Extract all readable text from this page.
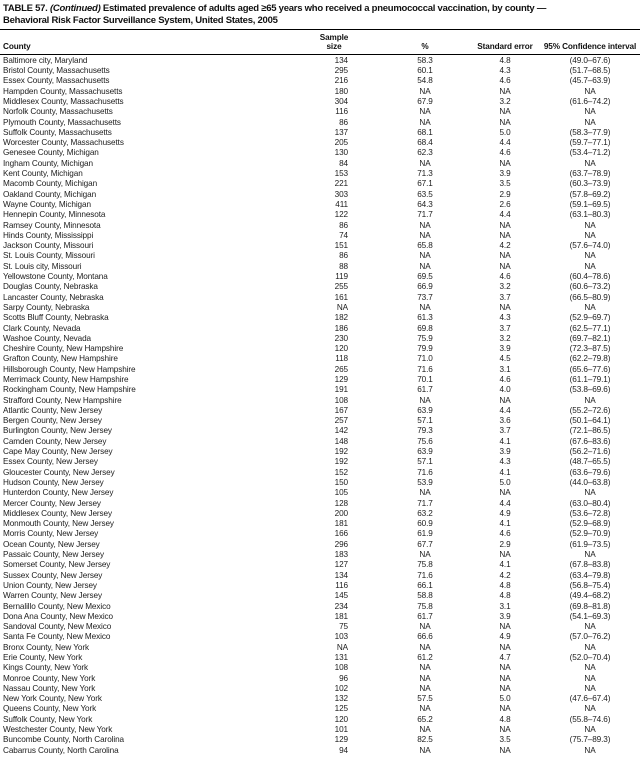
TABLE 57. (Continued) Estimated prevalence of adults aged ≥65 years who received a pneumococcal vaccination, by county —
Behavioral Risk Factor Surveillance System, United States, 2005
County	Sample size	%	Standard error	95% Confidence interval
Baltimore city, Maryland	134	58.3	4.8	(49.0–67.6)
Bristol County, Massachusetts	295	60.1	4.3	(51.7–68.5)
Essex County, Massachusetts	216	54.8	4.6	(45.7–63.9)
Hampden County, Massachusetts	180	NA	NA	NA
Middlesex County, Massachusetts	304	67.9	3.2	(61.6–74.2)
Norfolk County, Massachusetts	116	NA	NA	NA
Plymouth County, Massachusetts	86	NA	NA	NA
Suffolk County, Massachusetts	137	68.1	5.0	(58.3–77.9)
Worcester County, Massachusetts	205	68.4	4.4	(59.7–77.1)
Genesee County, Michigan	130	62.3	4.6	(53.4–71.2)
Ingham County, Michigan	84	NA	NA	NA
Kent County, Michigan	153	71.3	3.9	(63.7–78.9)
Macomb County, Michigan	221	67.1	3.5	(60.3–73.9)
Oakland County, Michigan	303	63.5	2.9	(57.8–69.2)
Wayne County, Michigan	411	64.3	2.6	(59.1–69.5)
Hennepin County, Minnesota	122	71.7	4.4	(63.1–80.3)
Ramsey County, Minnesota	86	NA	NA	NA
Hinds County, Mississippi	74	NA	NA	NA
Jackson County, Missouri	151	65.8	4.2	(57.6–74.0)
St. Louis County, Missouri	86	NA	NA	NA
St. Louis city, Missouri	88	NA	NA	NA
Yellowstone County, Montana	119	69.5	4.6	(60.4–78.6)
Douglas County, Nebraska	255	66.9	3.2	(60.6–73.2)
Lancaster County, Nebraska	161	73.7	3.7	(66.5–80.9)
Sarpy County, Nebraska	NA	NA	NA	NA
Scotts Bluff County, Nebraska	182	61.3	4.3	(52.9–69.7)
Clark County, Nevada	186	69.8	3.7	(62.5–77.1)
Washoe County, Nevada	230	75.9	3.2	(69.7–82.1)
Cheshire County, New Hampshire	120	79.9	3.9	(72.3–87.5)
Grafton County, New Hampshire	118	71.0	4.5	(62.2–79.8)
Hillsborough County, New Hampshire	265	71.6	3.1	(65.6–77.6)
Merrimack County, New Hampshire	129	70.1	4.6	(61.1–79.1)
Rockingham County, New Hampshire	191	61.7	4.0	(53.8–69.6)
Strafford County, New Hampshire	108	NA	NA	NA
Atlantic County, New Jersey	167	63.9	4.4	(55.2–72.6)
Bergen County, New Jersey	257	57.1	3.6	(50.1–64.1)
Burlington County, New Jersey	142	79.3	3.7	(72.1–86.5)
Camden County, New Jersey	148	75.6	4.1	(67.6–83.6)
Cape May County, New Jersey	192	63.9	3.9	(56.2–71.6)
Essex County, New Jersey	192	57.1	4.3	(48.7–65.5)
Gloucester County, New Jersey	152	71.6	4.1	(63.6–79.6)
Hudson County, New Jersey	150	53.9	5.0	(44.0–63.8)
Hunterdon County, New Jersey	105	NA	NA	NA
Mercer County, New Jersey	128	71.7	4.4	(63.0–80.4)
Middlesex County, New Jersey	200	63.2	4.9	(53.6–72.8)
Monmouth County, New Jersey	181	60.9	4.1	(52.9–68.9)
Morris County, New Jersey	166	61.9	4.6	(52.9–70.9)
Ocean County, New Jersey	296	67.7	2.9	(61.9–73.5)
Passaic County, New Jersey	183	NA	NA	NA
Somerset County, New Jersey	127	75.8	4.1	(67.8–83.8)
Sussex County, New Jersey	134	71.6	4.2	(63.4–79.8)
Union County, New Jersey	116	66.1	4.8	(56.8–75.4)
Warren County, New Jersey	145	58.8	4.8	(49.4–68.2)
Bernalillo County, New Mexico	234	75.8	3.1	(69.8–81.8)
Dona Ana County, New Mexico	181	61.7	3.9	(54.1–69.3)
Sandoval County, New Mexico	75	NA	NA	NA
Santa Fe County, New Mexico	103	66.6	4.9	(57.0–76.2)
Bronx County, New York	NA	NA	NA	NA
Erie County, New York	131	61.2	4.7	(52.0–70.4)
Kings County, New York	108	NA	NA	NA
Monroe County, New York	96	NA	NA	NA
Nassau County, New York	102	NA	NA	NA
New York County, New York	132	57.5	5.0	(47.6–67.4)
Queens County, New York	125	NA	NA	NA
Suffolk County, New York	120	65.2	4.8	(55.8–74.6)
Westchester County, New York	101	NA	NA	NA
Buncombe County, North Carolina	129	82.5	3.5	(75.7–89.3)
Cabarrus County, North Carolina	94	NA	NA	NA
